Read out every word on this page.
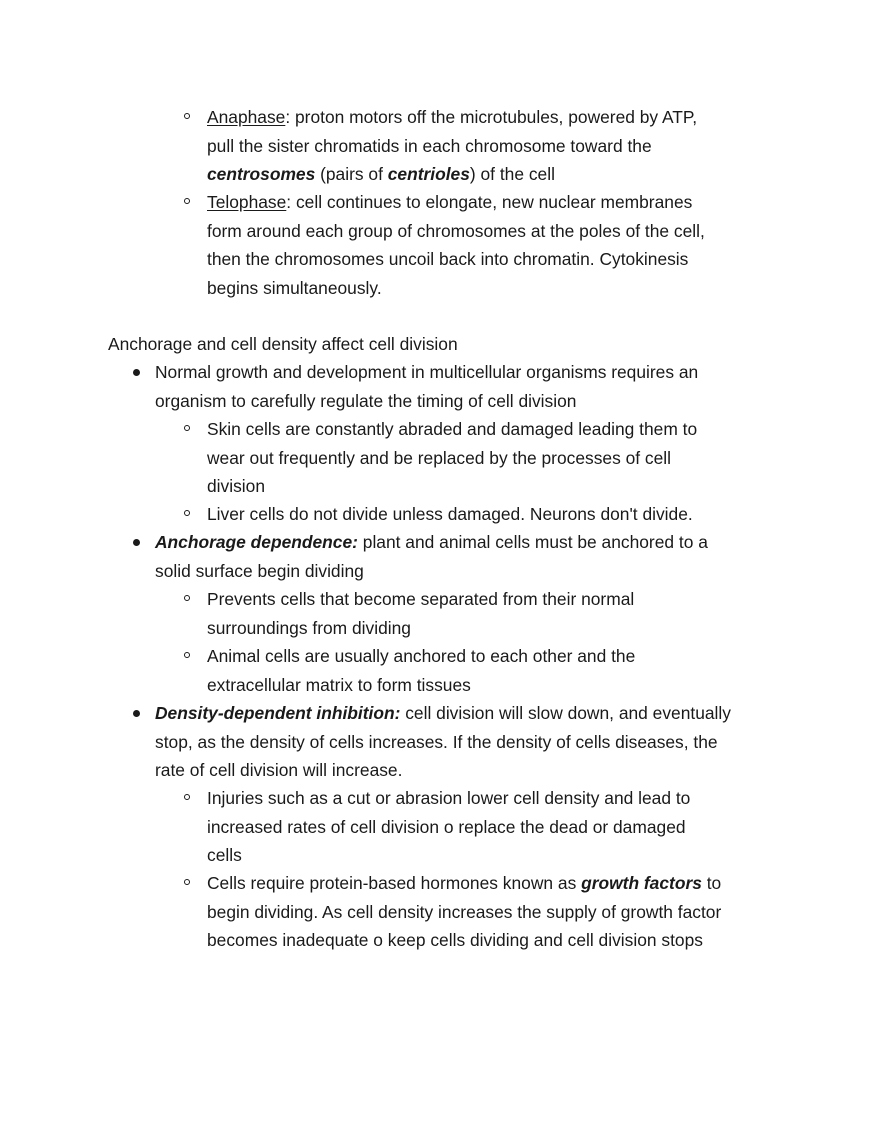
Anaphase: proton motors off the microtubules, powered by ATP,
pull the sister chromatids in each chromosome toward the
centrosomes (pairs of centrioles) of the cell
Telophase: cell continues to elongate, new nuclear membranes
form around each group of chromosomes at the poles of the cell,
then the chromosomes uncoil back into chromatin. Cytokinesis
begins simultaneously.
Anchorage and cell density affect cell division
Normal growth and development in multicellular organisms requires an
organism to carefully regulate the timing of cell division
Skin cells are constantly abraded and damaged leading them to
wear out frequently and be replaced by the processes of cell
division
Liver cells do not divide unless damaged. Neurons don't divide.
Anchorage dependence: plant and animal cells must be anchored to a
solid surface begin dividing
Prevents cells that become separated from their normal
surroundings from dividing
Animal cells are usually anchored to each other and the
extracellular matrix to form tissues
Density-dependent inhibition: cell division will slow down, and eventually
stop, as the density of cells increases. If the density of cells diseases, the
rate of cell division will increase.
Injuries such as a cut or abrasion lower cell density and lead to
increased rates of cell division o replace the dead or damaged
cells
Cells require protein-based hormones known as growth factors to
begin dividing. As cell density increases the supply of growth factor
becomes inadequate o keep cells dividing and cell division stops
